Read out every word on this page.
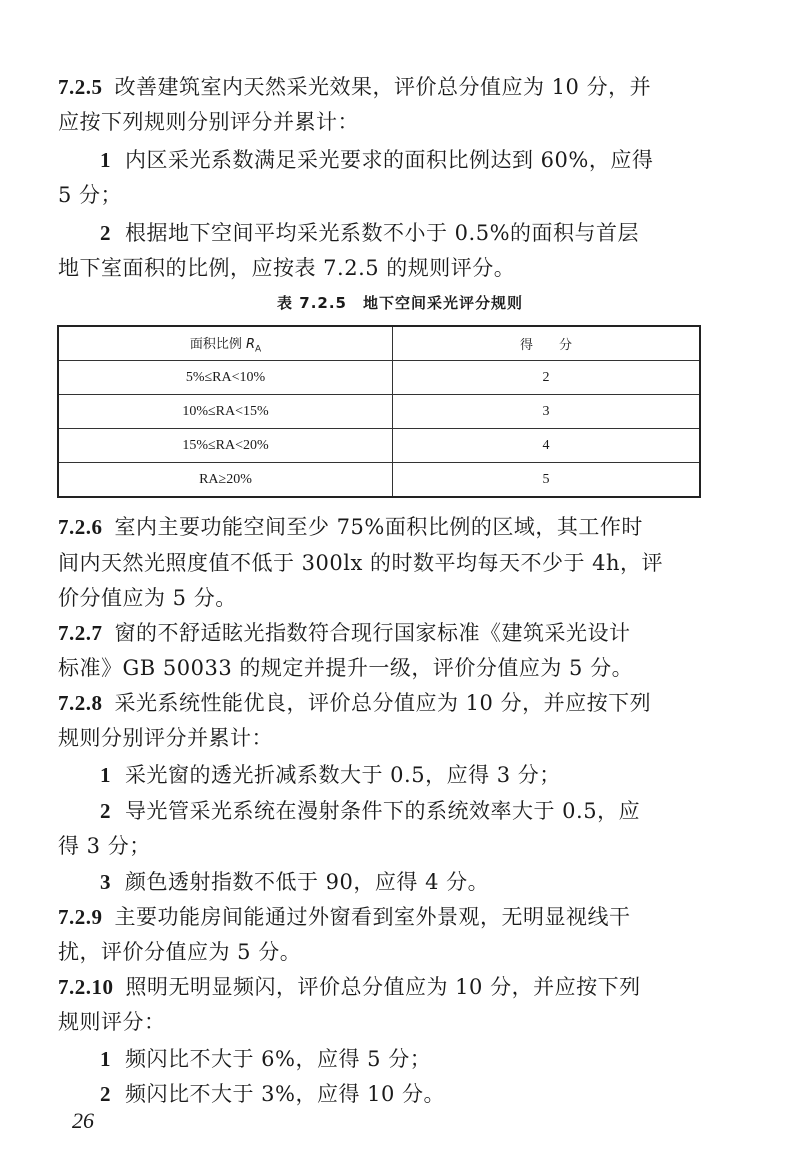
7.2.5 改善建筑室内天然采光效果，评价总分值应为 10 分，并
应按下列规则分别评分并累计：
1 内区采光系数满足采光要求的面积比例达到 60%，应得
5 分；
2 根据地下空间平均采光系数不小于 0.5%的面积与首层
地下室面积的比例，应按表 7.2.5 的规则评分。
表 7.2.5　地下空间采光评分规则
面积比例 $R_A$	得　　分
5%≤RA<10%	2
10%≤RA<15%	3
15%≤RA<20%	4
RA≥20%	5
7.2.6 室内主要功能空间至少 75%面积比例的区域，其工作时
间内天然光照度值不低于 300lx 的时数平均每天不少于 4h，评
价分值应为 5 分。
7.2.7 窗的不舒适眩光指数符合现行国家标准《建筑采光设计
标准》GB 50033 的规定并提升一级，评价分值应为 5 分。
7.2.8 采光系统性能优良，评价总分值应为 10 分，并应按下列
规则分别评分并累计：
1 采光窗的透光折减系数大于 0.5，应得 3 分；
2 导光管采光系统在漫射条件下的系统效率大于 0.5，应
得 3 分；
3 颜色透射指数不低于 90，应得 4 分。
7.2.9 主要功能房间能通过外窗看到室外景观，无明显视线干
扰，评价分值应为 5 分。
7.2.10 照明无明显频闪，评价总分值应为 10 分，并应按下列
规则评分：
1 频闪比不大于 6%，应得 5 分；
2 频闪比不大于 3%，应得 10 分。
26
